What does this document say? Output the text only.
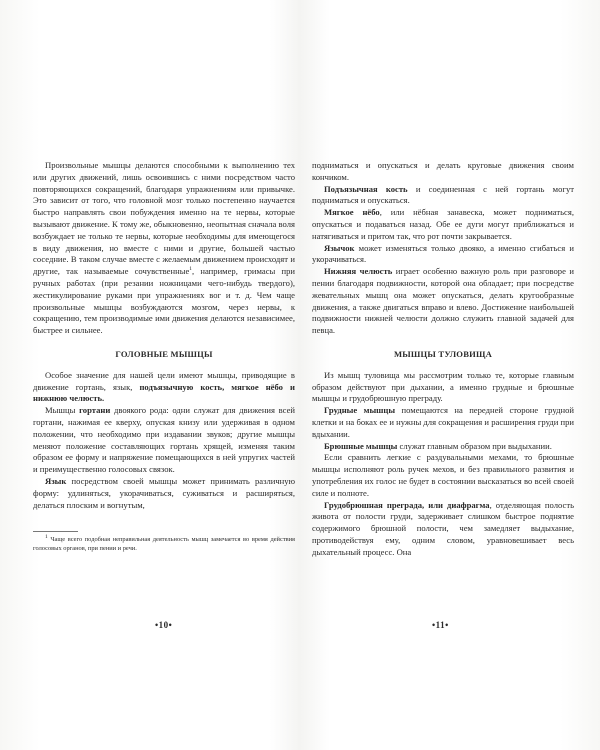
Произвольные мышцы делаются способными к выполнению тех или других движений, лишь освоившись с ними посредством часто повторяющихся сокращений, благодаря упражнениям или привычке. Это зависит от того, что головной мозг только постепенно научается быстро направлять свои побуждения именно на те нервы, которые вызывают движение. К тому же, обыкновенно, неопытная сначала воля возбуждает не только те нервы, которые необходимы для имеющегося в виду движения, но вместе с ними и другие, большей частью соседние. В таком случае вместе с желаемым движением происходят и другие, так называемые сочувственные$^1$, например, гримасы при ручных работах (при резании ножницами чего-нибудь твердого), жестикулирование руками при упражнениях вог и т. д. Чем чаще произвольные мышцы возбуждаются мозгом, через нервы, к сокращению, тем производимые ими движения делаются независимее, быстрее и сильнее.

ГОЛОВНЫЕ МЫШЦЫ

Особое значение для нашей цели имеют мышцы, приводящие в движение гортань, язык, подъязычную кость, мягкое нёбо и нижнюю челюсть.

Мышцы гортани двоякого рода: одни служат для движения всей гортани, нажимая ее кверху, опуская книзу или удерживая в одном положении, что необходимо при издавании звуков; другие мышцы меняют положение составляющих гортань хрящей, изменяя таким образом ее форму и напряжение помещающихся в ней упругих частей и преимущественно голосовых связок.

Язык посредством своей мышцы может принимать различную форму: удлиняться, укорачиваться, суживаться и расширяться, делаться плоским и вогнутым,

1 Чаще всего подобная неправильная деятельность мышц замечается во время действия голосовых органов, при пении и речи.

•10•

подниматься и опускаться и делать круговые движения своим кончиком.

Подъязычная кость и соединенная с ней гортань могут подниматься и опускаться.

Мягкое нёбо, или нёбная занавеска, может подниматься, опускаться и подаваться назад. Обе ее дуги могут приближаться и натягиваться и притом так, что рот почти закрывается.

Язычок может изменяться только двояко, а именно сгибаться и укорачиваться.

Нижняя челюсть играет особенно важную роль при разговоре и пении благодаря подвижности, которой она обладает; при посредстве жевательных мышц она может опускаться, делать кругообразные движения, а также двигаться вправо и влево. Достижение наибольшей подвижности нижней челюсти должно служить главной задачей для певца.

МЫШЦЫ ТУЛОВИЩА

Из мышц туловища мы рассмотрим только те, которые главным образом действуют при дыхании, а именно грудные и брюшные мышцы и грудобрюшную преграду.

Грудные мышцы помещаются на передней стороне грудной клетки и на боках ее и нужны для сокращения и расширения груди при вдыхании.

Брюшные мышцы служат главным образом при выдыхании.

Если сравнить легкие с раздувальными мехами, то брюшные мышцы исполняют роль ручек мехов, и без правильного развития и употребления их голос не будет в состоянии высказаться во всей своей силе и полноте.

Грудобрюшная преграда, или диафрагма, отделяющая полость живота от полости груди, задерживает слишком быстрое поднятие содержимого брюшной полости, чем замедляет выдыхание, противодействуя ему, одним словом, уравновешивает весь дыхательный процесс. Она

•11•
